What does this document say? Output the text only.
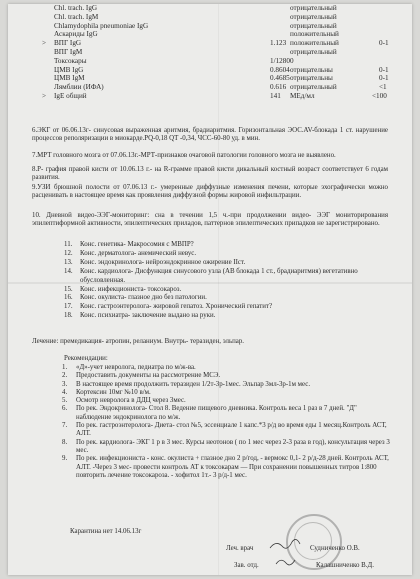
Chl. trach. IgG	отрицательный
Chl. trach. IgM	отрицательный
Chlamydophila pneumoniae IgG	отрицательный
Аскариды IgG	положительный
> ВПГ IgG	1.123 положительный	0-1
ВПГ IgM	отрицательный
Токсокары	1/12800
ЦМВ IgG	0.8604 отрицательны	0-1
ЦМВ IgM	0.4685 отрицательны	0-1
Лямблии (ИФА)	0.616 отрицательный	<1
> IgE общий	141 МЕд/мл	<100
6.ЭКГ от 06.06.13г- синусовая выраженная аритмия, брадиаритмия. Горизонтальная ЭОС.AV-блокада 1 ст. нарушение процессов реполяризации в миокарде.PQ-0,18 QT -0,34, ЧСС-60-80 уд. в мин.
7.МРТ головного мозга от 07.06.13г.-МРТ-признаков очаговой патологии головного мозга не выявлено.
8.Р- графия правой кисти от 10.06.13 г.- на R-грамме правой кисти дикальный костный возраст соответствует 6 годам развития.
9.УЗИ брюшной полости от 07.06.13 г.- умеренные диффузные изменения печени, которые эхографически можно расценивать в настоящее время как проявления диффузной формы жировой инфильтрации.
10. Дневной видео-ЭЭГ-мониторинг: сна в течении 1,5 ч.-при продолжении видео- ЭЭГ мониторирования эпилептиформной активности, эпилептических приладов, паттернов эпилептических припадков не зарегистрировано.
11. Конс. генетика- Макросомия с МВПР?
12. Конс. дерматолога- анемический невус.
13. Конс. эндокринолога- нейроэндокринное ожирение IIст.
14. Конс. кардиолога- Дисфункция синусового узла (АВ блокада 1 ст., брадиаритмия) вегетативно обусловленная.
15. Конс. инфекциониста- токсокароз.
16. Конс. окулиста- глазное дно без патологии.
17. Конс. гастроэнтеролога- жировой гепатоз. Хронический гепатит?
18. Конс. психиатра- заключение выдано на руки.
Лечение: премедикация- атропин, реланиум. Внутрь- теразиден, эльпар.
Рекомендации:
1. «Д»-учет невролога, педиатра по м/ж-ва.
2. Предоставить документы на рассмотрение МСЭ.
3. В настоящее время продолжить теразиден 1/2т-3р-1мес. Эльпар 3мл-3р-1м мес.
4. Кортексин 10мг №10 в/м.
5. Осмотр невролога в ДДЦ через 3мес.
6. По рек. Эндокринолога- Стол 8. Ведение пищевого дневника. Контроль веса 1 раз в 7 дней. "Д" наблюдение эндокринолога по м/ж.
7. По рек. гастроэнтеролога- Диета- стол №5, эссенциале 1 капс.*3 р/д во время еды 1 месяц.Контроль АСТ, АЛТ.
8. По рек. кардиолога- ЭКГ 1 р в 3 мес. Курсы неотонов ( по 1 мес через 2-3 раза в год), консультация через 3 мес.
9. По рек. инфекциониста - конс. окулиста + глазное дно 2 р/год, - вермокс 0,1- 2 р/д-28 дней. Контроль АСТ, АЛТ. -Через 3 мес- провести контроль АТ к токсокарам — При сохранении повышенных титров 1:800 повторить лечение токсокароза. - хофитол 1т.- 3 р/д-1 мес.
Карантина нет 14.06.13г
Леч. врач	Судниченко О.В.
Зав. отд.	Калашниченко В.Д.
